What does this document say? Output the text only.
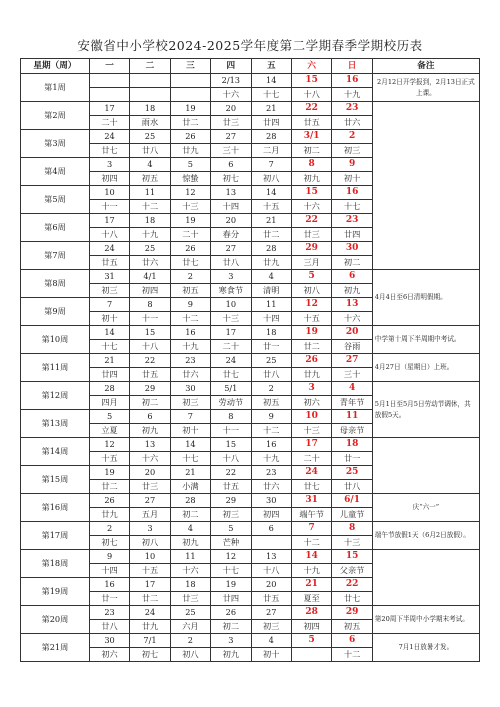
安徽省中小学校2024-2025学年度第二学期春季学期校历表
星期（周）	一	二	三	四	五	六	日	备注
第1周				2/13	14	15	16	2月12日开学报到，2月13日正式上课。
				十六	十七	十八	十九	
第2周	17	18	19	20	21	22	23	
	二十	雨水	廿二	廿三	廿四	廿五	廿六	
第3周	24	25	26	27	28	3/1	2	
	廿七	廿八	廿九	三十	二月	初二	初三	
第4周	3	4	5	6	7	8	9	
	初四	初五	惊蛰	初七	初八	初九	初十	
第5周	10	11	12	13	14	15	16	
	十一	十二	十三	十四	十五	十六	十七	
第6周	17	18	19	20	21	22	23	
	十八	十九	二十	春分	廿二	廿三	廿四	
第7周	24	25	26	27	28	29	30	
	廿五	廿六	廿七	廿八	廿九	三月	初二	
第8周	31	4/1	2	3	4	5	6	4月4日至6日清明假期。
	初三	初四	初五	寒食节	清明	初八	初九	
第9周	7	8	9	10	11	12	13	
	初十	十一	十二	十三	十四	十五	十六	
第10周	14	15	16	17	18	19	20	中学第十周下半周期中考试。
	十七	十八	十九	二十	廿一	廿二	谷雨	
第11周	21	22	23	24	25	26	27	4月27日（星期日）上班。
	廿四	廿五	廿六	廿七	廿八	廿九	三十	
第12周	28	29	30	5/1	2	3	4	5月1日至5月5日劳动节调休，共放假5天。
	四月	初二	初三	劳动节	初五	初六	青年节	
第13周	5	6	7	8	9	10	11	
	立夏	初九	初十	十一	十二	十三	母亲节	
第14周	12	13	14	15	16	17	18	
	十五	十六	十七	十八	十九	二十	廿一	
第15周	19	20	21	22	23	24	25	
	廿二	廿三	小满	廿五	廿六	廿七	廿八	
第16周	26	27	28	29	30	31	6/1	庆“六一”
	廿九	五月	初二	初三	初四	端午节	儿童节	
第17周	2	3	4	5	6	7	8	端午节放假1天（6月2日放假）。
	初七	初八	初九	芒种		十二	十三	
第18周	9	10	11	12	13	14	15	
	十四	十五	十六	十七	十八	十九	父亲节	
第19周	16	17	18	19	20	21	22	
	廿一	廿二	廿三	廿四	廿五	夏至	廿七	
第20周	23	24	25	26	27	28	29	第20周下半周中小学期末考试。
	廿八	廿九	六月	初二	初三	初四	初五	
第21周	30	7/1	2	3	4	5	6	7月1日放暑才发。
	初六	初七	初八	初九	初十		十二	
